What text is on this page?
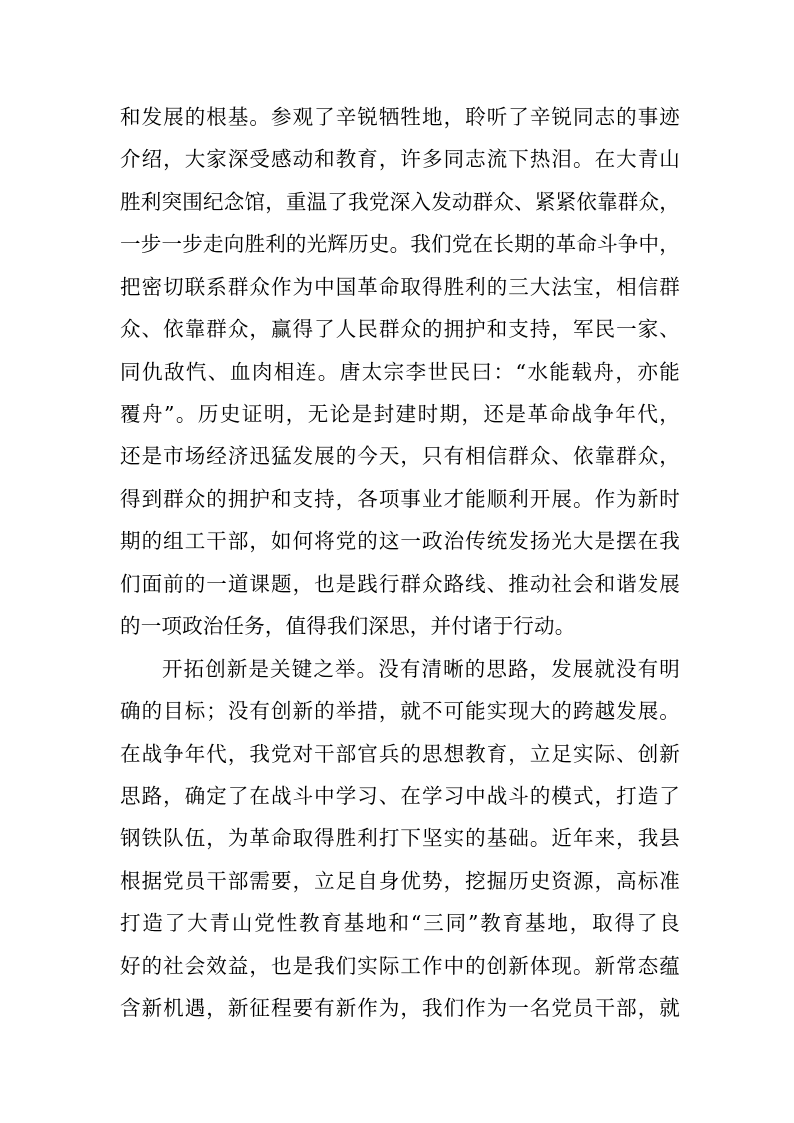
和发展的根基。参观了辛锐牺牲地，聆听了辛锐同志的事迹
介绍，大家深受感动和教育，许多同志流下热泪。在大青山
胜利突围纪念馆，重温了我党深入发动群众、紧紧依靠群众，
一步一步走向胜利的光辉历史。我们党在长期的革命斗争中，
把密切联系群众作为中国革命取得胜利的三大法宝，相信群
众、依靠群众，赢得了人民群众的拥护和支持，军民一家、
同仇敌忾、血肉相连。唐太宗李世民曰：“水能载舟，亦能
覆舟”。历史证明，无论是封建时期，还是革命战争年代，
还是市场经济迅猛发展的今天，只有相信群众、依靠群众，
得到群众的拥护和支持，各项事业才能顺利开展。作为新时
期的组工干部，如何将党的这一政治传统发扬光大是摆在我
们面前的一道课题，也是践行群众路线、推动社会和谐发展
的一项政治任务，值得我们深思，并付诸于行动。
开拓创新是关键之举。没有清晰的思路，发展就没有明
确的目标；没有创新的举措，就不可能实现大的跨越发展。
在战争年代，我党对干部官兵的思想教育，立足实际、创新
思路，确定了在战斗中学习、在学习中战斗的模式，打造了
钢铁队伍，为革命取得胜利打下坚实的基础。近年来，我县
根据党员干部需要，立足自身优势，挖掘历史资源，高标准
打造了大青山党性教育基地和“三同”教育基地，取得了良
好的社会效益，也是我们实际工作中的创新体现。新常态蕴
含新机遇，新征程要有新作为，我们作为一名党员干部，就
